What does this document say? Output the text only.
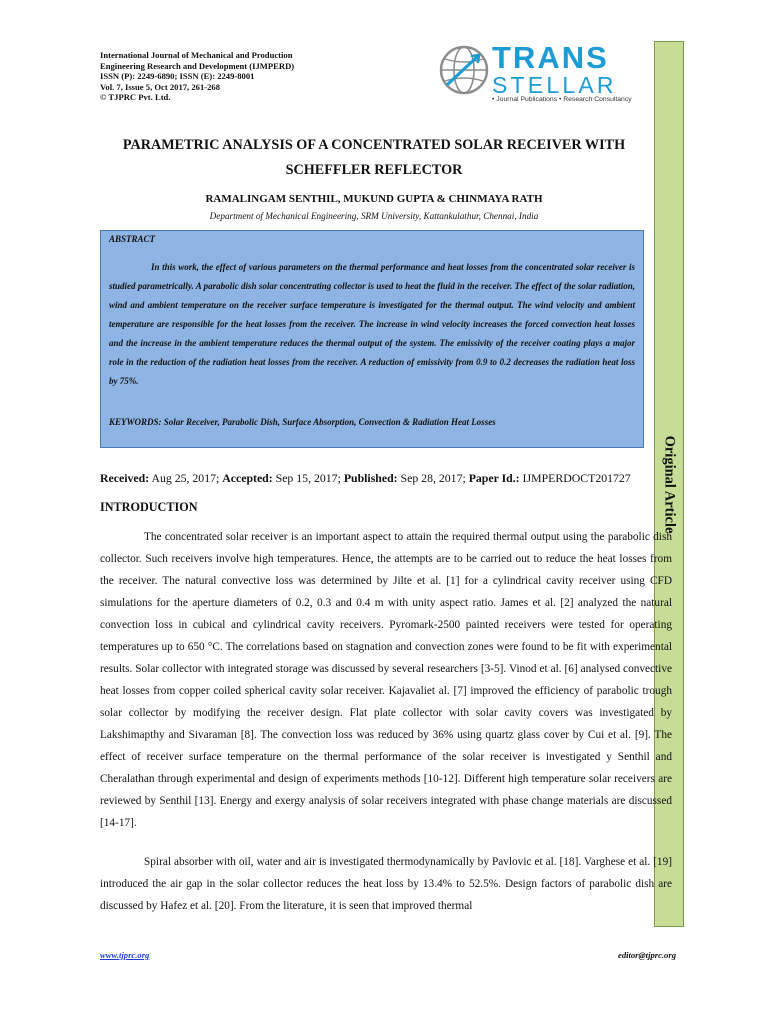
International Journal of Mechanical and Production
Engineering Research and Development (IJMPERD)
ISSN (P): 2249-6890; ISSN (E): 2249-8001
Vol. 7, Issue 5, Oct 2017, 261-268
© TJPRC Pvt. Ltd.
TRANS
STELLAR
• Journal Publications • Research Consultancy
Original Article
PARAMETRIC ANALYSIS OF A CONCENTRATED SOLAR RECEIVER WITH
SCHEFFLER REFLECTOR
RAMALINGAM SENTHIL, MUKUND GUPTA & CHINMAYA RATH
Department of Mechanical Engineering, SRM University, Kattankulathur, Chennai, India
ABSTRACT
In this work, the effect of various parameters on the thermal performance and heat losses from the concentrated solar receiver is studied parametrically. A parabolic dish solar concentrating collector is used to heat the fluid in the receiver. The effect of the solar radiation, wind and ambient temperature on the receiver surface temperature is investigated for the thermal output. The wind velocity and ambient temperature are responsible for the heat losses from the receiver. The increase in wind velocity increases the forced convection heat losses and the increase in the ambient temperature reduces the thermal output of the system. The emissivity of the receiver coating plays a major role in the reduction of the radiation heat losses from the receiver. A reduction of emissivity from 0.9 to 0.2 decreases the radiation heat loss by 75%.
KEYWORDS: Solar Receiver, Parabolic Dish, Surface Absorption, Convection & Radiation Heat Losses
Received: Aug 25, 2017; Accepted: Sep 15, 2017; Published: Sep 28, 2017; Paper Id.: IJMPERDOCT201727
INTRODUCTION

The concentrated solar receiver is an important aspect to attain the required thermal output using the parabolic dish collector. Such receivers involve high temperatures. Hence, the attempts are to be carried out to reduce the heat losses from the receiver. The natural convective loss was determined by Jilte et al. [1] for a cylindrical cavity receiver using CFD simulations for the aperture diameters of 0.2, 0.3 and 0.4 m with unity aspect ratio. James et al. [2] analyzed the natural convection loss in cubical and cylindrical cavity receivers. Pyromark-2500 painted receivers were tested for operating temperatures up to 650 °C. The correlations based on stagnation and convection zones were found to be fit with experimental results. Solar collector with integrated storage was discussed by several researchers [3-5]. Vinod et al. [6] analysed convective heat losses from copper coiled spherical cavity solar receiver. Kajavaliet al. [7] improved the efficiency of parabolic trough solar collector by modifying the receiver design. Flat plate collector with solar cavity covers was investigated by Lakshimapthy and Sivaraman [8]. The convection loss was reduced by 36% using quartz glass cover by Cui et al. [9]. The effect of receiver surface temperature on the thermal performance of the solar receiver is investigated y Senthil and Cheralathan through experimental and design of experiments methods [10-12]. Different high temperature solar receivers are reviewed by Senthil [13]. Energy and exergy analysis of solar receivers integrated with phase change materials are discussed [14-17].

Spiral absorber with oil, water and air is investigated thermodynamically by Pavlovic et al. [18]. Varghese et al. [19] introduced the air gap in the solar collector reduces the heat loss by 13.4% to 52.5%. Design factors of parabolic dish are discussed by Hafez et al. [20]. From the literature, it is seen that improved thermal

www.tjprc.org	editor@tjprc.org
